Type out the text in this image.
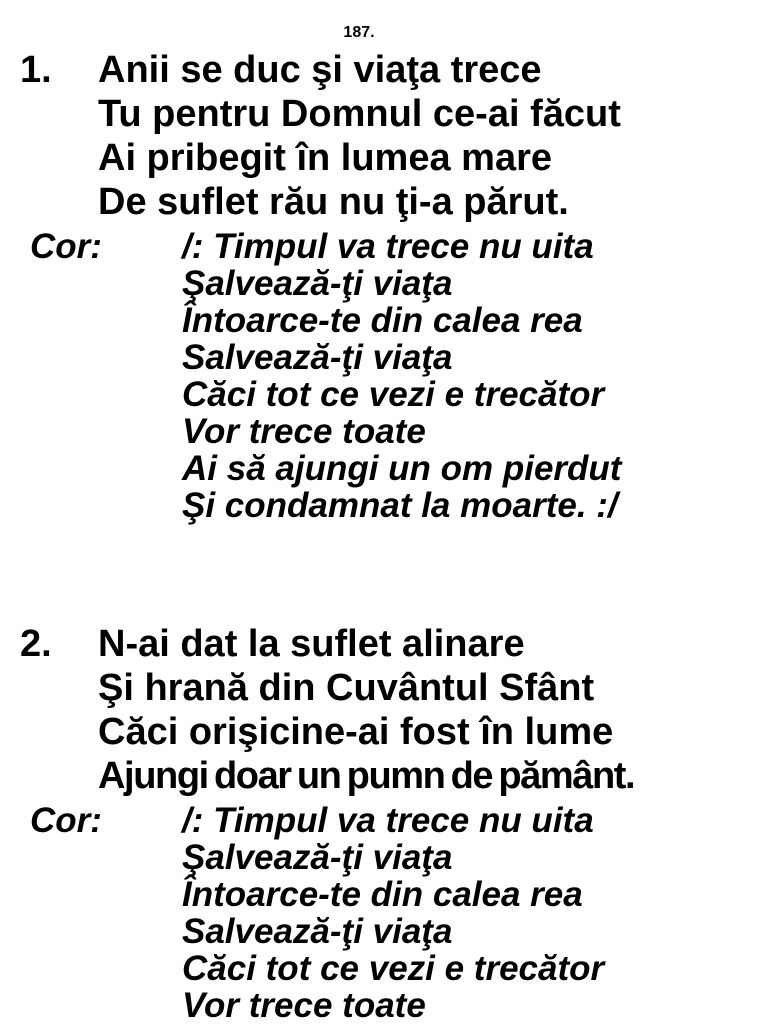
187.
1. Anii se duc şi viaţa trece
Tu pentru Domnul ce-ai făcut
Ai pribegit în lumea mare
De suflet rău nu ţi-a părut.
Cor: /: Timpul va trece nu uita
Şalvează-ţi viaţa
Întoarce-te din calea rea
Salvează-ţi viaţa
Căci tot ce vezi e trecător
Vor trece toate
Ai să ajungi un om pierdut
Şi condamnat la moarte. :/
2. N-ai dat la suflet alinare
Şi hrană din Cuvântul Sfânt
Căci orişicine-ai fost în lume
Ajungi doar un pumn de pământ.
Cor: /: Timpul va trece nu uita
Şalvează-ţi viaţa
Întoarce-te din calea rea
Salvează-ţi viaţa
Căci tot ce vezi e trecător
Vor trece toate
